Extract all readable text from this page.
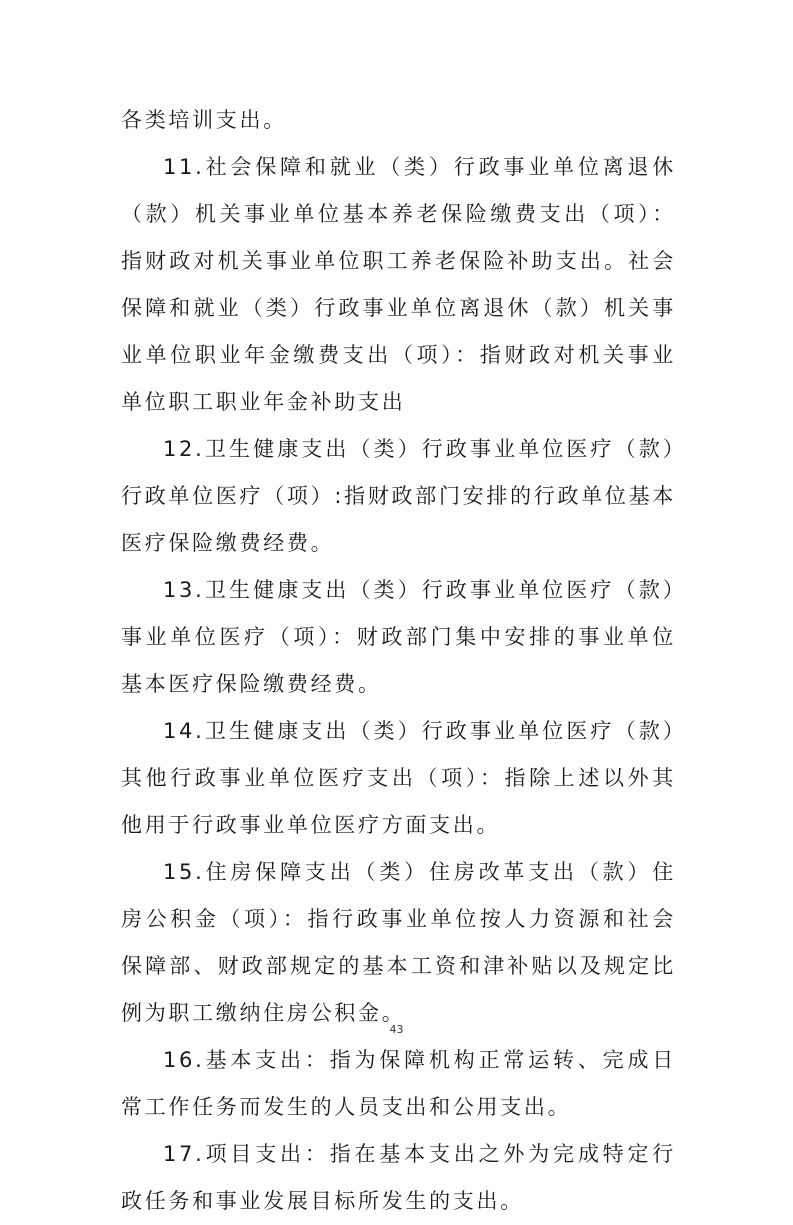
各类培训支出。

11.社会保障和就业（类）行政事业单位离退休（款）机关事业单位基本养老保险缴费支出（项）：指财政对机关事业单位职工养老保险补助支出。社会保障和就业（类）行政事业单位离退休（款）机关事业单位职业年金缴费支出（项）：指财政对机关事业单位职工职业年金补助支出

12.卫生健康支出（类）行政事业单位医疗（款）行政单位医疗（项）:指财政部门安排的行政单位基本医疗保险缴费经费。

13.卫生健康支出（类）行政事业单位医疗（款）事业单位医疗（项）：财政部门集中安排的事业单位基本医疗保险缴费经费。

14.卫生健康支出（类）行政事业单位医疗（款）其他行政事业单位医疗支出（项）：指除上述以外其他用于行政事业单位医疗方面支出。

15.住房保障支出（类）住房改革支出（款）住房公积金（项）：指行政事业单位按人力资源和社会保障部、财政部规定的基本工资和津补贴以及规定比例为职工缴纳住房公积金。

16.基本支出：指为保障机构正常运转、完成日常工作任务而发生的人员支出和公用支出。

17.项目支出：指在基本支出之外为完成特定行政任务和事业发展目标所发生的支出。

43
